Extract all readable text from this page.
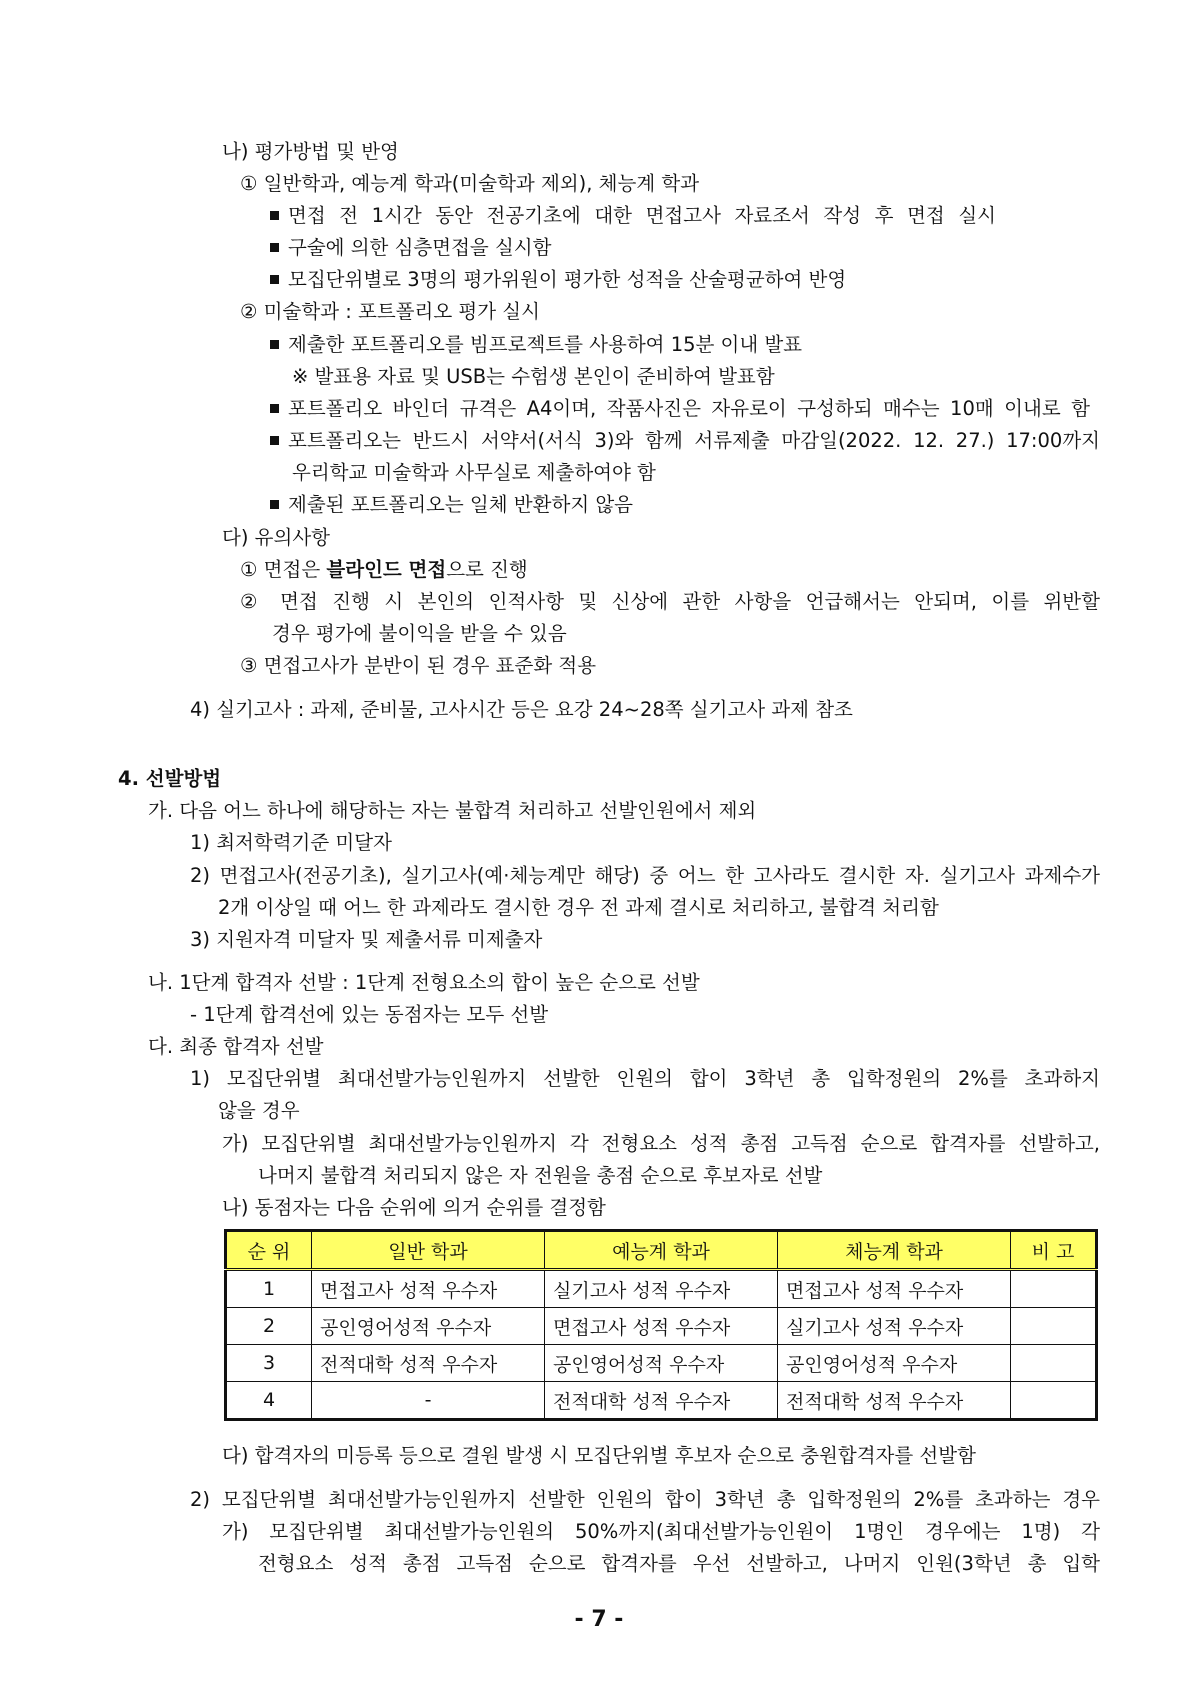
나) 평가방법 및 반영
① 일반학과, 예능계 학과(미술학과 제외), 체능계 학과
면접 전 1시간 동안 전공기초에 대한 면접고사 자료조서 작성 후 면접 실시
구술에 의한 심층면접을 실시함
모집단위별로 3명의 평가위원이 평가한 성적을 산술평균하여 반영
② 미술학과 : 포트폴리오 평가 실시
제출한 포트폴리오를 빔프로젝트를 사용하여 15분 이내 발표
※ 발표용 자료 및 USB는 수험생 본인이 준비하여 발표함
포트폴리오 바인더 규격은 A4이며, 작품사진은 자유로이 구성하되 매수는 10매 이내로 함
포트폴리오는 반드시 서약서(서식 3)와 함께 서류제출 마감일(2022. 12. 27.) 17:00까지
우리학교 미술학과 사무실로 제출하여야 함
제출된 포트폴리오는 일체 반환하지 않음
다) 유의사항
① 면접은 블라인드 면접으로 진행
② 면접 진행 시 본인의 인적사항 및 신상에 관한 사항을 언급해서는 안되며, 이를 위반할
경우 평가에 불이익을 받을 수 있음
③ 면접고사가 분반이 된 경우 표준화 적용
4) 실기고사 : 과제, 준비물, 고사시간 등은 요강 24~28쪽 실기고사 과제 참조
4. 선발방법
가. 다음 어느 하나에 해당하는 자는 불합격 처리하고 선발인원에서 제외
1) 최저학력기준 미달자
2) 면접고사(전공기초), 실기고사(예·체능계만 해당) 중 어느 한 고사라도 결시한 자. 실기고사 과제수가
2개 이상일 때 어느 한 과제라도 결시한 경우 전 과제 결시로 처리하고, 불합격 처리함
3) 지원자격 미달자 및 제출서류 미제출자
나. 1단계 합격자 선발 : 1단계 전형요소의 합이 높은 순으로 선발
- 1단계 합격선에 있는 동점자는 모두 선발
다. 최종 합격자 선발
1) 모집단위별 최대선발가능인원까지 선발한 인원의 합이 3학년 총 입학정원의 2%를 초과하지
않을 경우
가) 모집단위별 최대선발가능인원까지 각 전형요소 성적 총점 고득점 순으로 합격자를 선발하고,
나머지 불합격 처리되지 않은 자 전원을 총점 순으로 후보자로 선발
나) 동점자는 다음 순위에 의거 순위를 결정함
순 위	일반 학과	예능계 학과	체능계 학과	비 고
1	면접고사 성적 우수자	실기고사 성적 우수자	면접고사 성적 우수자	
2	공인영어성적 우수자	면접고사 성적 우수자	실기고사 성적 우수자	
3	전적대학 성적 우수자	공인영어성적 우수자	공인영어성적 우수자	
4	-	전적대학 성적 우수자	전적대학 성적 우수자	
다) 합격자의 미등록 등으로 결원 발생 시 모집단위별 후보자 순으로 충원합격자를 선발함
2) 모집단위별 최대선발가능인원까지 선발한 인원의 합이 3학년 총 입학정원의 2%를 초과하는 경우
가) 모집단위별 최대선발가능인원의 50%까지(최대선발가능인원이 1명인 경우에는 1명) 각
전형요소 성적 총점 고득점 순으로 합격자를 우선 선발하고, 나머지 인원(3학년 총 입학
- 7 -
